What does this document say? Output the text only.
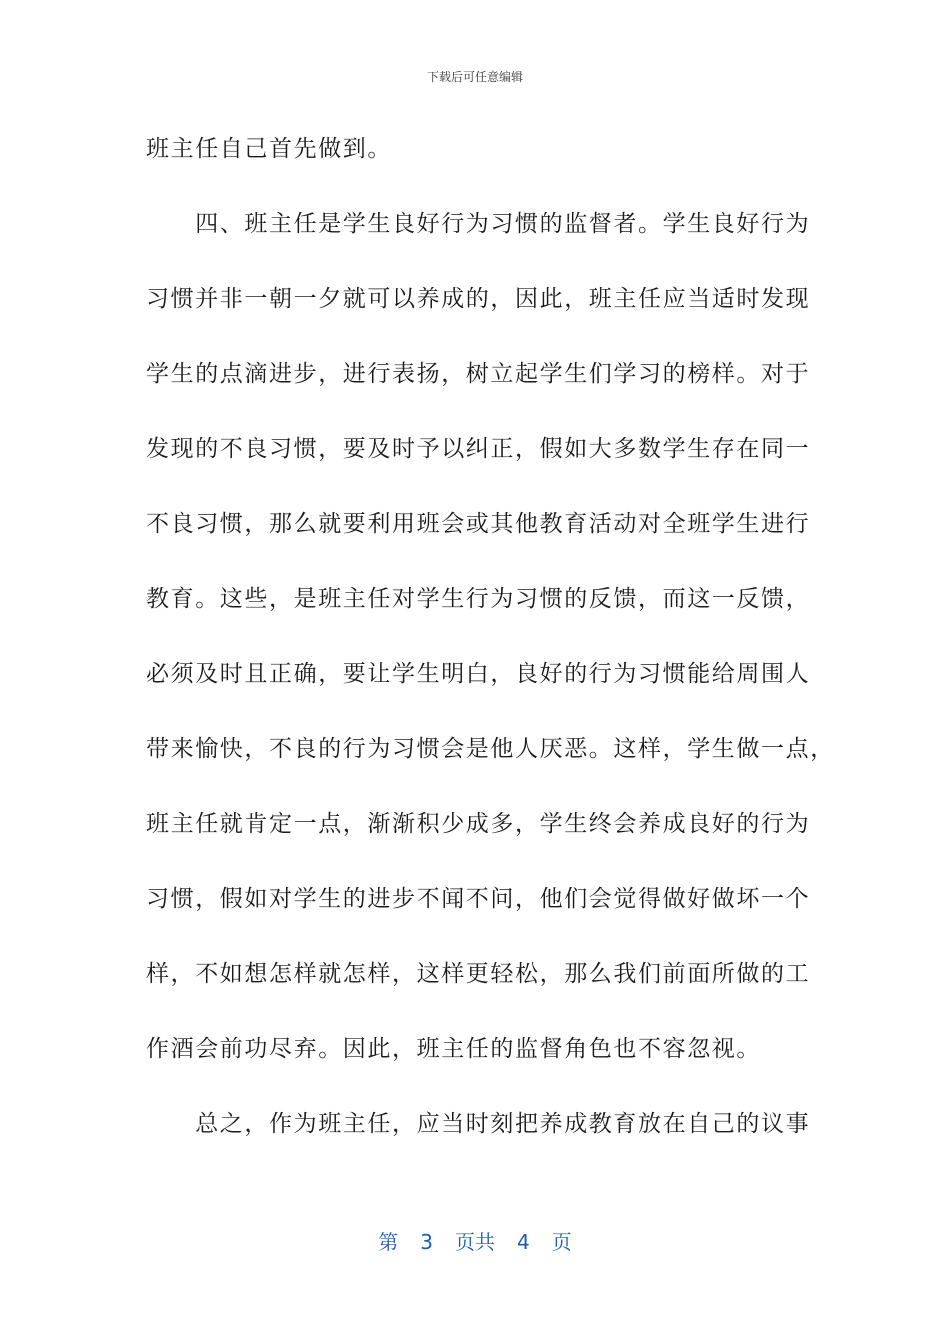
下载后可任意编辑
班主任自己首先做到。
　　四、班主任是学生良好行为习惯的监督者。学生良好行为
习惯并非一朝一夕就可以养成的，因此，班主任应当适时发现
学生的点滴进步，进行表扬，树立起学生们学习的榜样。对于
发现的不良习惯，要及时予以纠正，假如大多数学生存在同一
不良习惯，那么就要利用班会或其他教育活动对全班学生进行
教育。这些，是班主任对学生行为习惯的反馈，而这一反馈，
必须及时且正确，要让学生明白，良好的行为习惯能给周围人
带来愉快，不良的行为习惯会是他人厌恶。这样，学生做一点，
班主任就肯定一点，渐渐积少成多，学生终会养成良好的行为
习惯，假如对学生的进步不闻不问，他们会觉得做好做坏一个
样，不如想怎样就怎样，这样更轻松，那么我们前面所做的工
作酒会前功尽弃。因此，班主任的监督角色也不容忽视。
　　总之，作为班主任，应当时刻把养成教育放在自己的议事
第 3 页共 4 页
